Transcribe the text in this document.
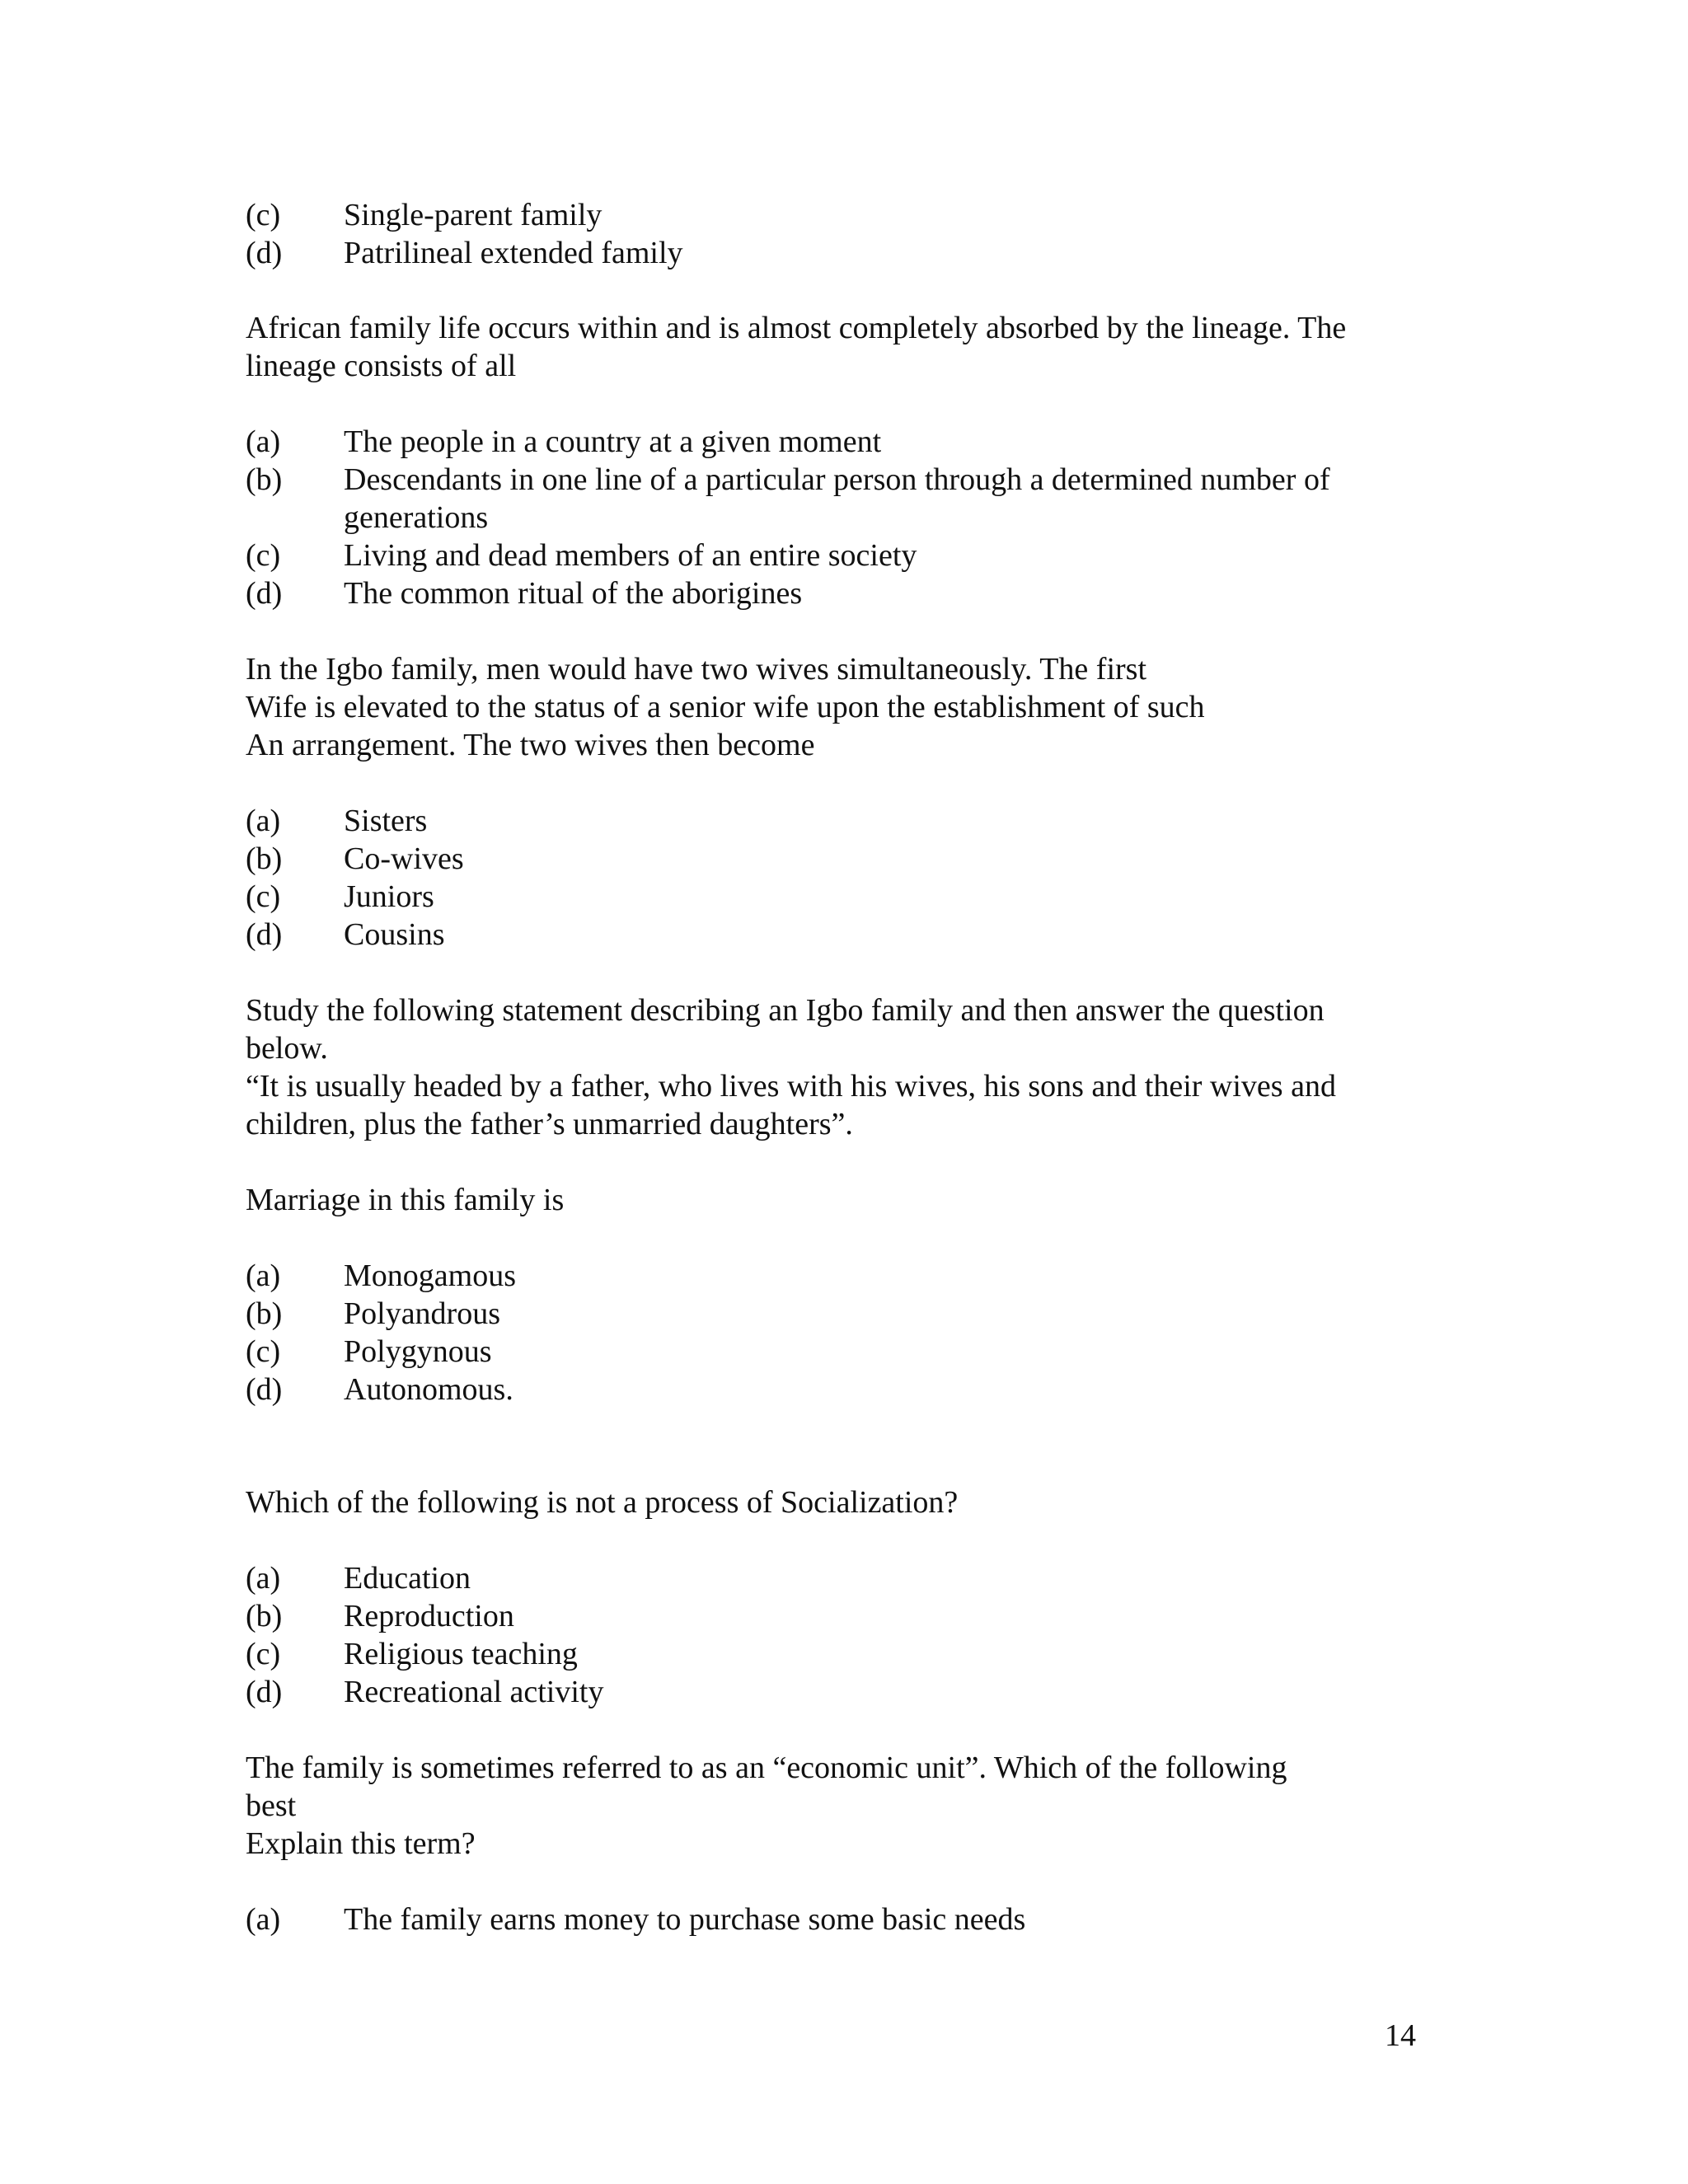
(c) Single-parent family
(d) Patrilineal extended family
African family life occurs within and is almost completely absorbed by the lineage. The
lineage consists of all
(a) The people in a country at a given moment
(b) Descendants in one line of a particular person through a determined number of
generations
(c) Living and dead members of an entire society
(d) The common ritual of the aborigines
In the Igbo family, men would have two wives simultaneously. The first
Wife is elevated to the status of a senior wife upon the establishment of such
An arrangement. The two wives then become
(a) Sisters
(b) Co-wives
(c) Juniors
(d) Cousins
Study the following statement describing an Igbo family and then answer the question
below.
“It is usually headed by a father, who lives with his wives, his sons and their wives and
children, plus the father’s unmarried daughters”.
Marriage in this family is
(a) Monogamous
(b) Polyandrous
(c) Polygynous
(d) Autonomous.
Which of the following is not a process of Socialization?
(a) Education
(b) Reproduction
(c) Religious teaching
(d) Recreational activity
The family is sometimes referred to as an “economic unit”. Which of the following
best
Explain this term?
(a) The family earns money to purchase some basic needs
14
